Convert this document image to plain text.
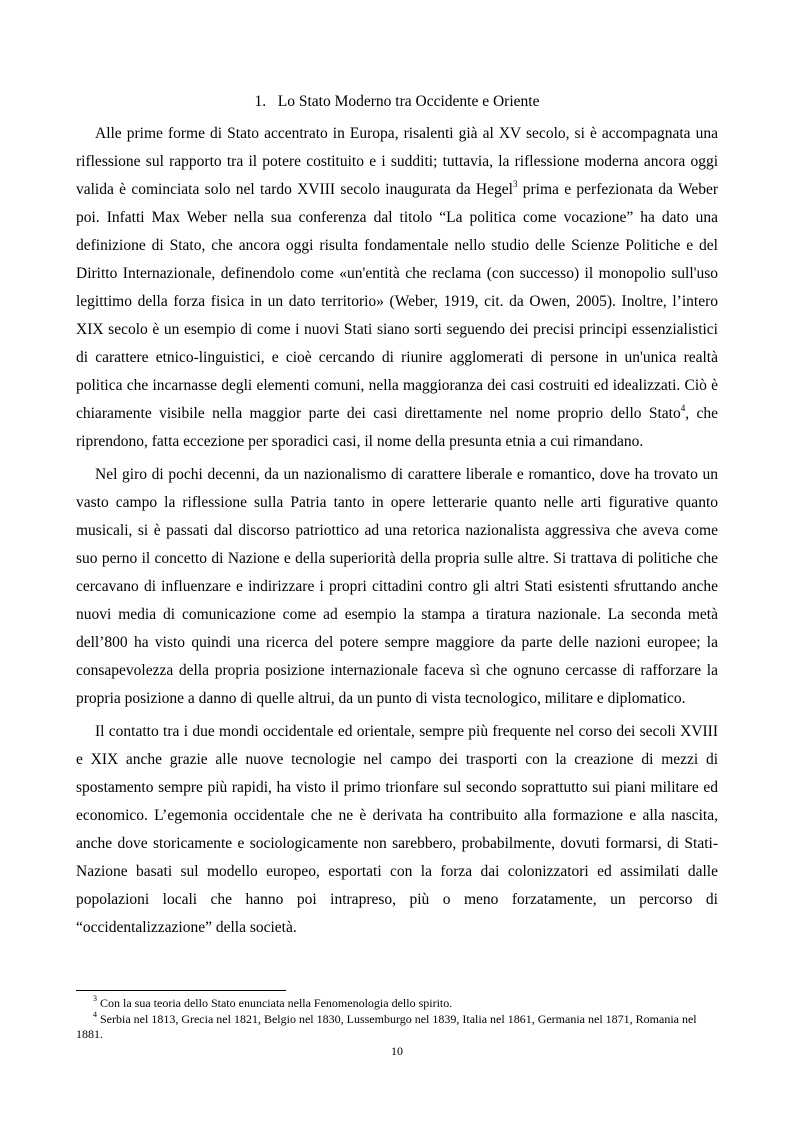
1. Lo Stato Moderno tra Occidente e Oriente

Alle prime forme di Stato accentrato in Europa, risalenti già al XV secolo, si è accompagnata una riflessione sul rapporto tra il potere costituito e i sudditi; tuttavia, la riflessione moderna ancora oggi valida è cominciata solo nel tardo XVIII secolo inaugurata da Hegel$^3$ prima e perfezionata da Weber poi. Infatti Max Weber nella sua conferenza dal titolo “La politica come vocazione” ha dato una definizione di Stato, che ancora oggi risulta fondamentale nello studio delle Scienze Politiche e del Diritto Internazionale, definendolo come «un'entità che reclama (con successo) il monopolio sull'uso legittimo della forza fisica in un dato territorio» (Weber, 1919, cit. da Owen, 2005). Inoltre, l’intero XIX secolo è un esempio di come i nuovi Stati siano sorti seguendo dei precisi principi essenzialistici di carattere etnico-linguistici, e cioè cercando di riunire agglomerati di persone in un'unica realtà politica che incarnasse degli elementi comuni, nella maggioranza dei casi costruiti ed idealizzati. Ciò è chiaramente visibile nella maggior parte dei casi direttamente nel nome proprio dello Stato$^4$, che riprendono, fatta eccezione per sporadici casi, il nome della presunta etnia a cui rimandano.

Nel giro di pochi decenni, da un nazionalismo di carattere liberale e romantico, dove ha trovato un vasto campo la riflessione sulla Patria tanto in opere letterarie quanto nelle arti figurative quanto musicali, si è passati dal discorso patriottico ad una retorica nazionalista aggressiva che aveva come suo perno il concetto di Nazione e della superiorità della propria sulle altre. Si trattava di politiche che cercavano di influenzare e indirizzare i propri cittadini contro gli altri Stati esistenti sfruttando anche nuovi media di comunicazione come ad esempio la stampa a tiratura nazionale. La seconda metà dell’800 ha visto quindi una ricerca del potere sempre maggiore da parte delle nazioni europee; la consapevolezza della propria posizione internazionale faceva sì che ognuno cercasse di rafforzare la propria posizione a danno di quelle altrui, da un punto di vista tecnologico, militare e diplomatico.

Il contatto tra i due mondi occidentale ed orientale, sempre più frequente nel corso dei secoli XVIII e XIX anche grazie alle nuove tecnologie nel campo dei trasporti con la creazione di mezzi di spostamento sempre più rapidi, ha visto il primo trionfare sul secondo soprattutto sui piani militare ed economico. L’egemonia occidentale che ne è derivata ha contribuito alla formazione e alla nascita, anche dove storicamente e sociologicamente non sarebbero, probabilmente, dovuti formarsi, di Stati-Nazione basati sul modello europeo, esportati con la forza dai colonizzatori ed assimilati dalle popolazioni locali che hanno poi intrapreso, più o meno forzatamente, un percorso di “occidentalizzazione” della società.

$^3$ Con la sua teoria dello Stato enunciata nella Fenomenologia dello spirito.

$^4$ Serbia nel 1813, Grecia nel 1821, Belgio nel 1830, Lussemburgo nel 1839, Italia nel 1861, Germania nel 1871, Romania nel 1881.

10
